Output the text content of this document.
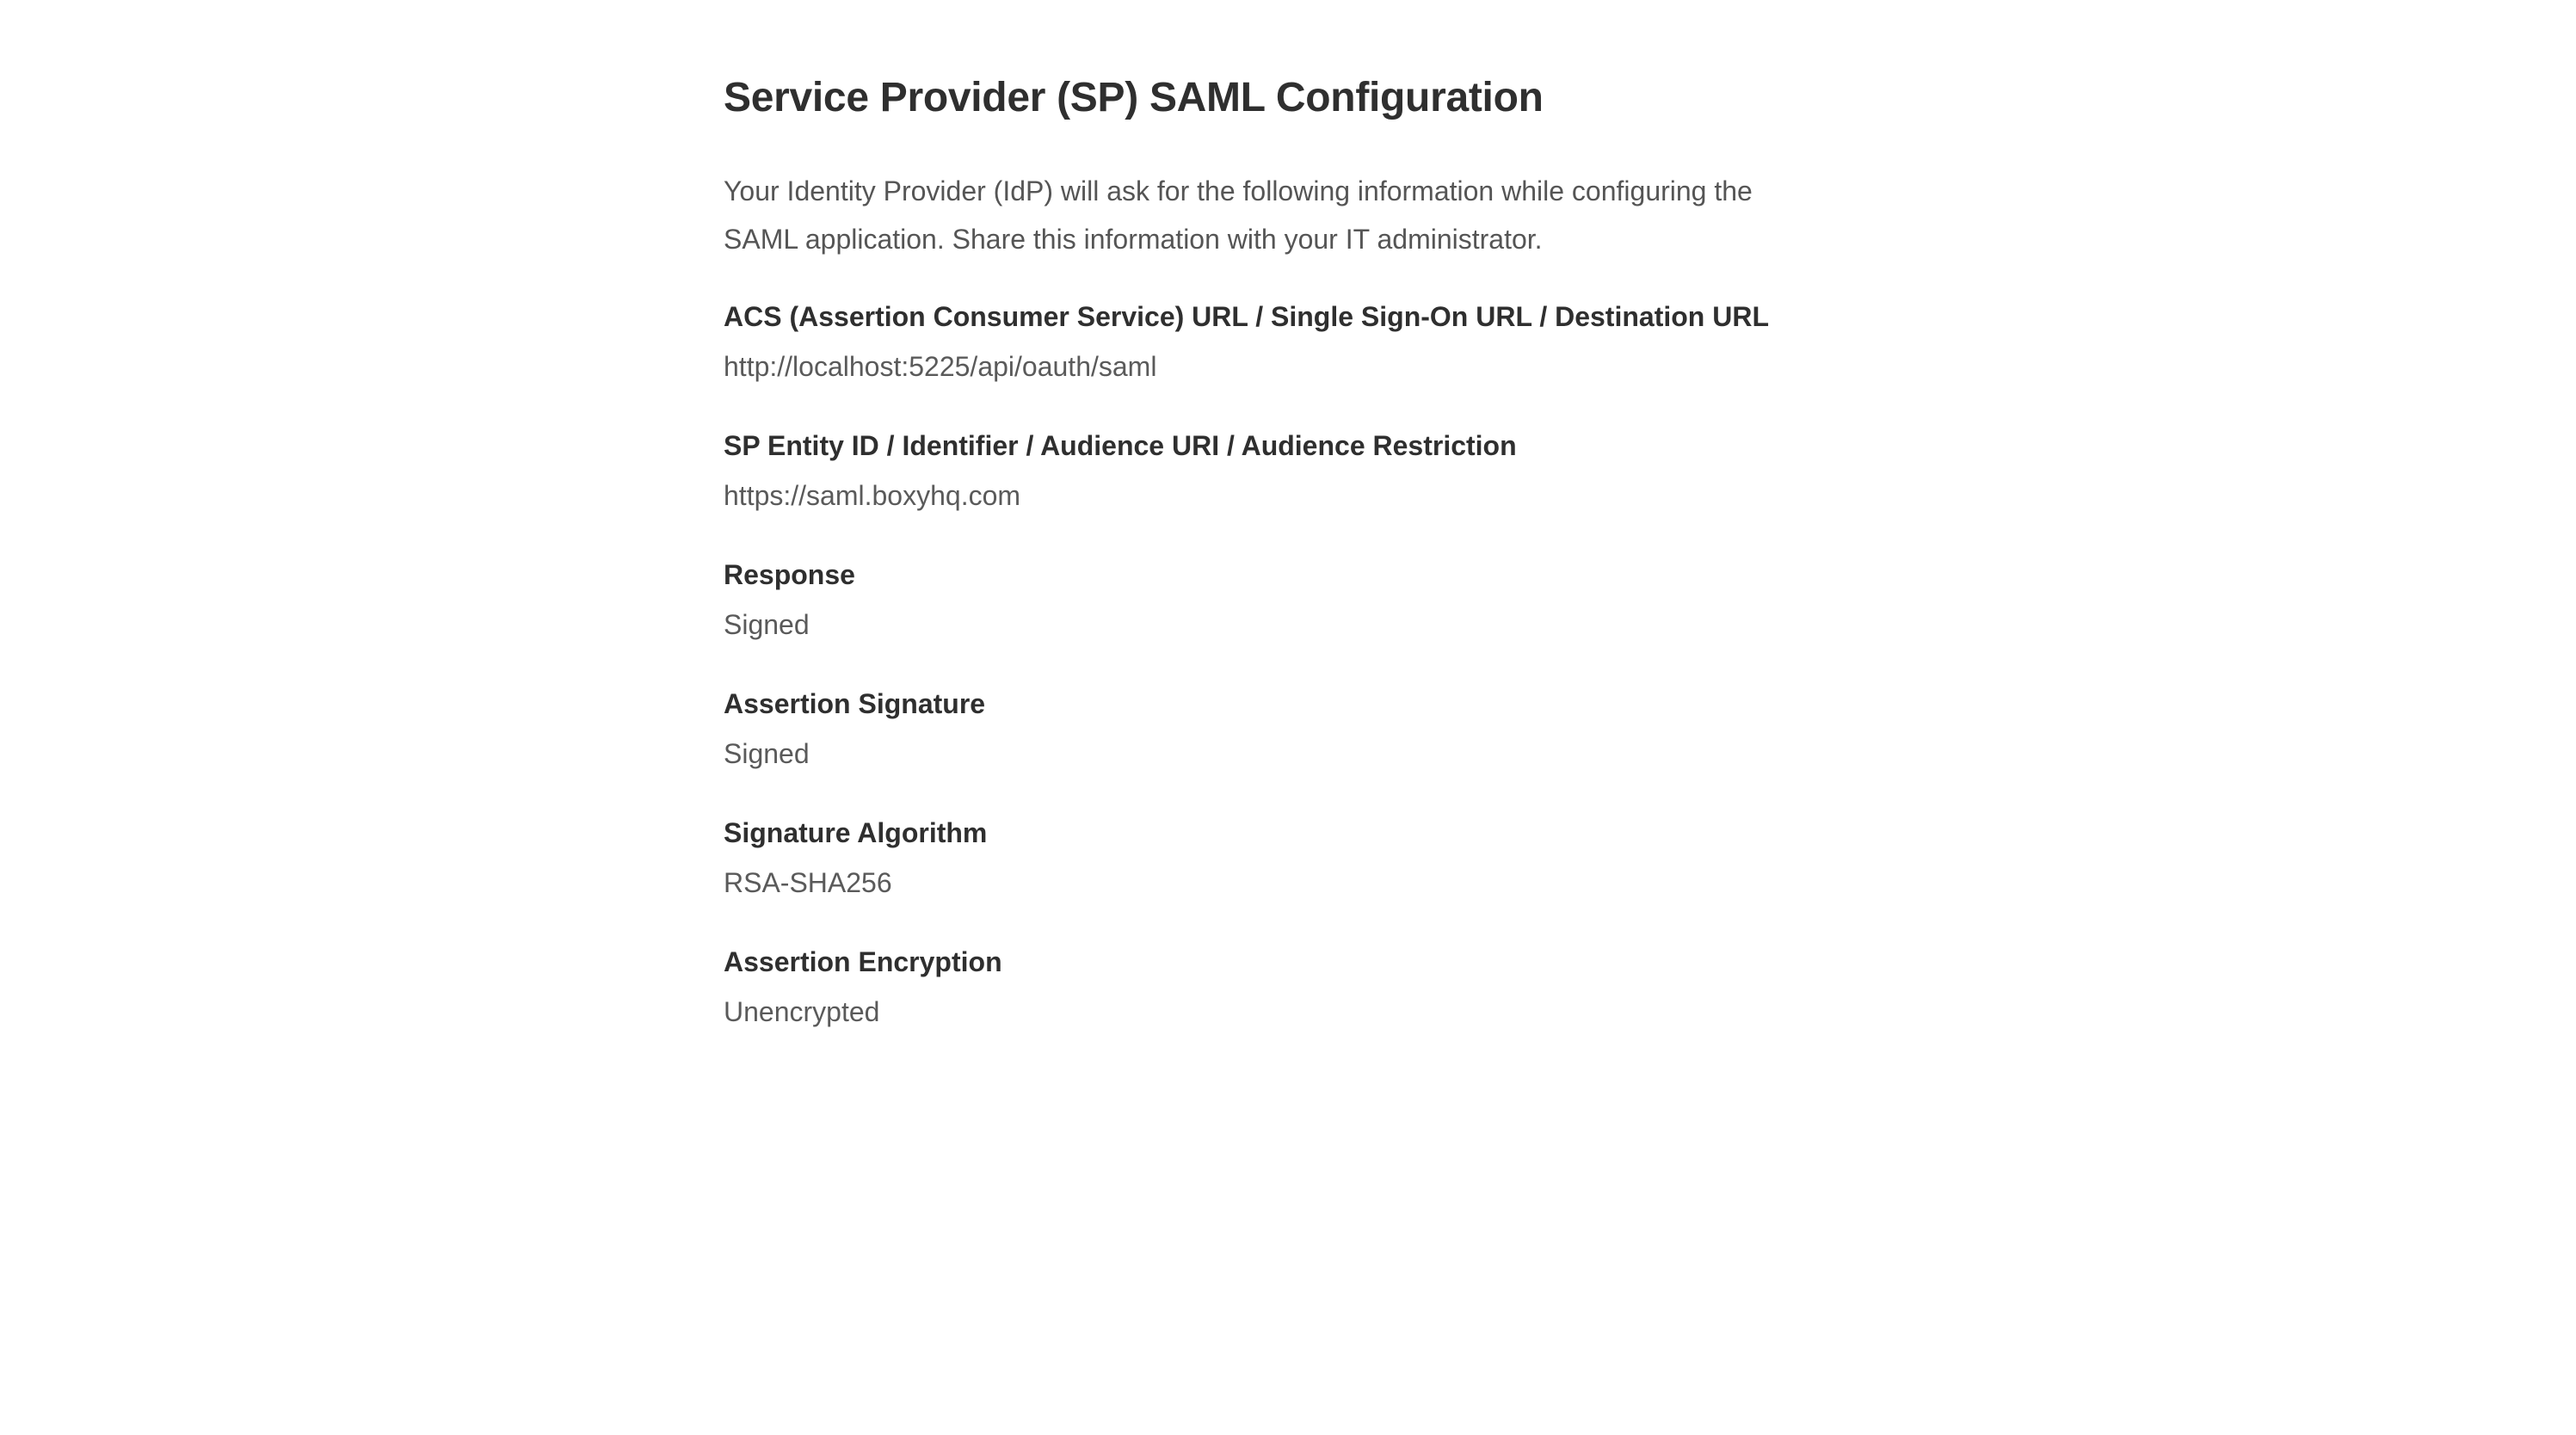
Service Provider (SP) SAML Configuration

Your Identity Provider (IdP) will ask for the following information while configuring the SAML application. Share this information with your IT administrator.

ACS (Assertion Consumer Service) URL / Single Sign-On URL / Destination URL
http://localhost:5225/api/oauth/saml
SP Entity ID / Identifier / Audience URI / Audience Restriction
https://saml.boxyhq.com
Response
Signed
Assertion Signature
Signed
Signature Algorithm
RSA-SHA256
Assertion Encryption
Unencrypted
